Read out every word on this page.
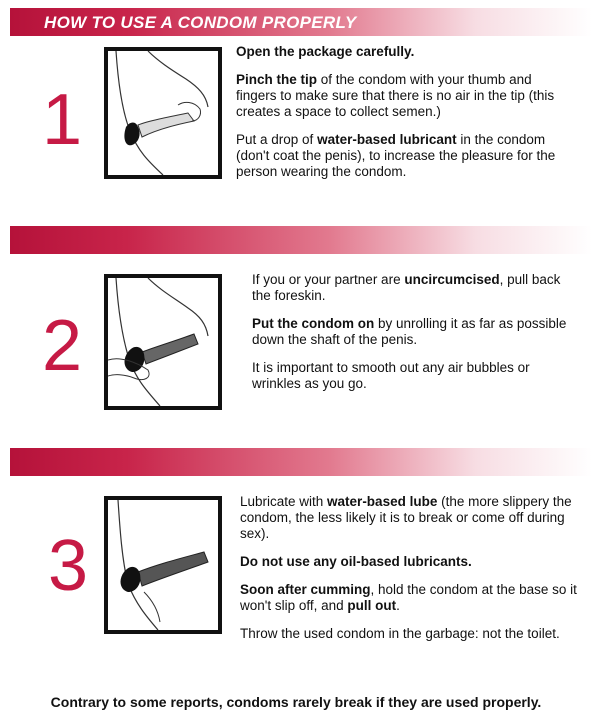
HOW TO USE A CONDOM PROPERLY
1

Open the package carefully.

Pinch the tip of the condom with your thumb and fingers to make sure that there is no air in the tip (this creates a space to collect semen.)

Put a drop of water-based lubricant in the condom (don't coat the penis), to increase the pleasure for the person wearing the condom.

2

If you or your partner are uncircumcised, pull back the foreskin.

Put the condom on by unrolling it as far as possible down the shaft of the penis.

It is important to smooth out any air bubbles or wrinkles as you go.

3

Lubricate with water-based lube (the more slippery the condom, the less likely it is to break or come off during sex).

Do not use any oil-based lubricants.

Soon after cumming, hold the condom at the base so it won't slip off, and pull out.

Throw the used condom in the garbage: not the toilet.

Contrary to some reports, condoms rarely break if they are used properly.
